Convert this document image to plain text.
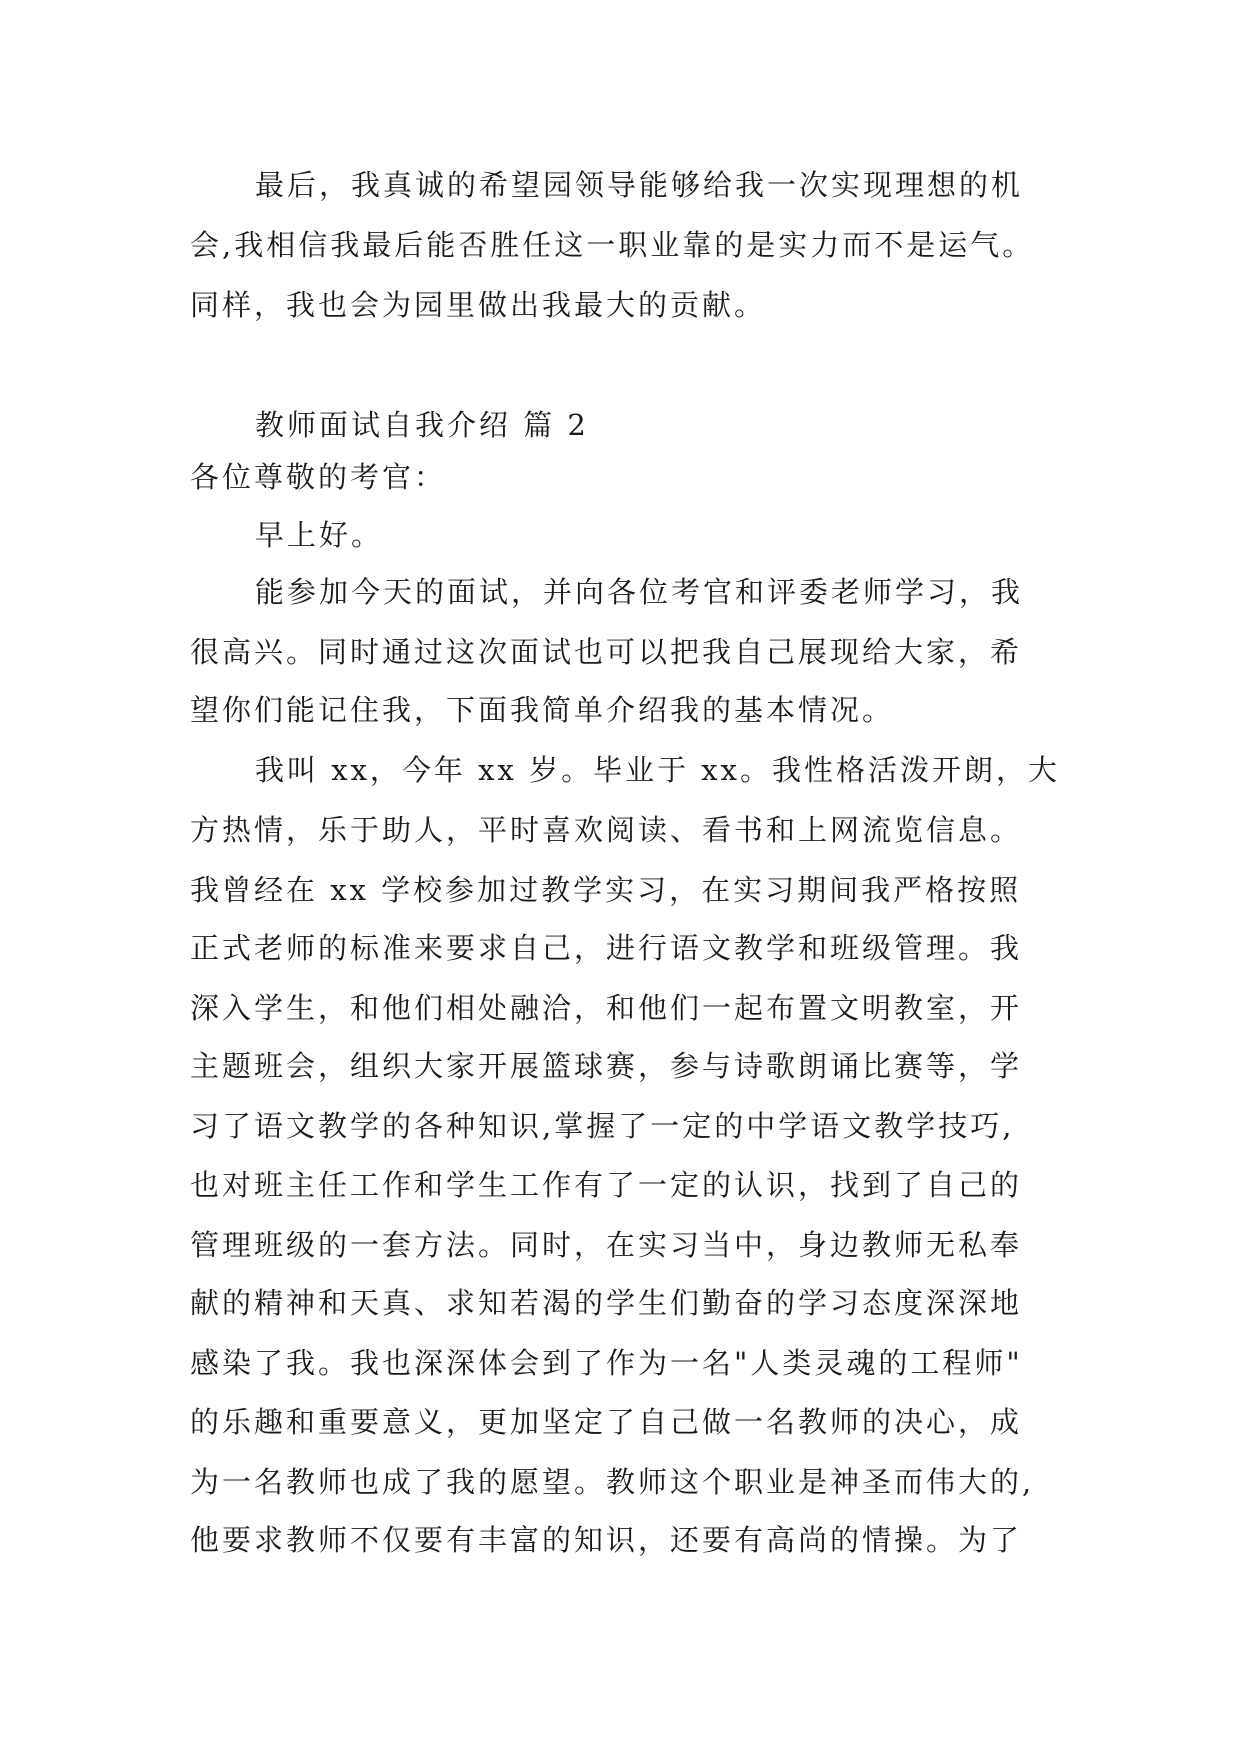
最后，我真诚的希望园领导能够给我一次实现理想的机
会,我相信我最后能否胜任这一职业靠的是实力而不是运气。
同样，我也会为园里做出我最大的贡献。
教师面试自我介绍 篇 2
各位尊敬的考官：
早上好。
能参加今天的面试，并向各位考官和评委老师学习，我
很高兴。同时通过这次面试也可以把我自己展现给大家，希
望你们能记住我，下面我简单介绍我的基本情况。
我叫 xx，今年 xx 岁。毕业于 xx。我性格活泼开朗，大
方热情，乐于助人，平时喜欢阅读、看书和上网流览信息。
我曾经在 xx 学校参加过教学实习，在实习期间我严格按照
正式老师的标准来要求自己，进行语文教学和班级管理。我
深入学生，和他们相处融洽，和他们一起布置文明教室，开
主题班会，组织大家开展篮球赛，参与诗歌朗诵比赛等，学
习了语文教学的各种知识,掌握了一定的中学语文教学技巧,
也对班主任工作和学生工作有了一定的认识，找到了自己的
管理班级的一套方法。同时，在实习当中，身边教师无私奉
献的精神和天真、求知若渴的学生们勤奋的学习态度深深地
感染了我。我也深深体会到了作为一名"人类灵魂的工程师"
的乐趣和重要意义，更加坚定了自己做一名教师的决心，成
为一名教师也成了我的愿望。教师这个职业是神圣而伟大的,
他要求教师不仅要有丰富的知识，还要有高尚的情操。为了
